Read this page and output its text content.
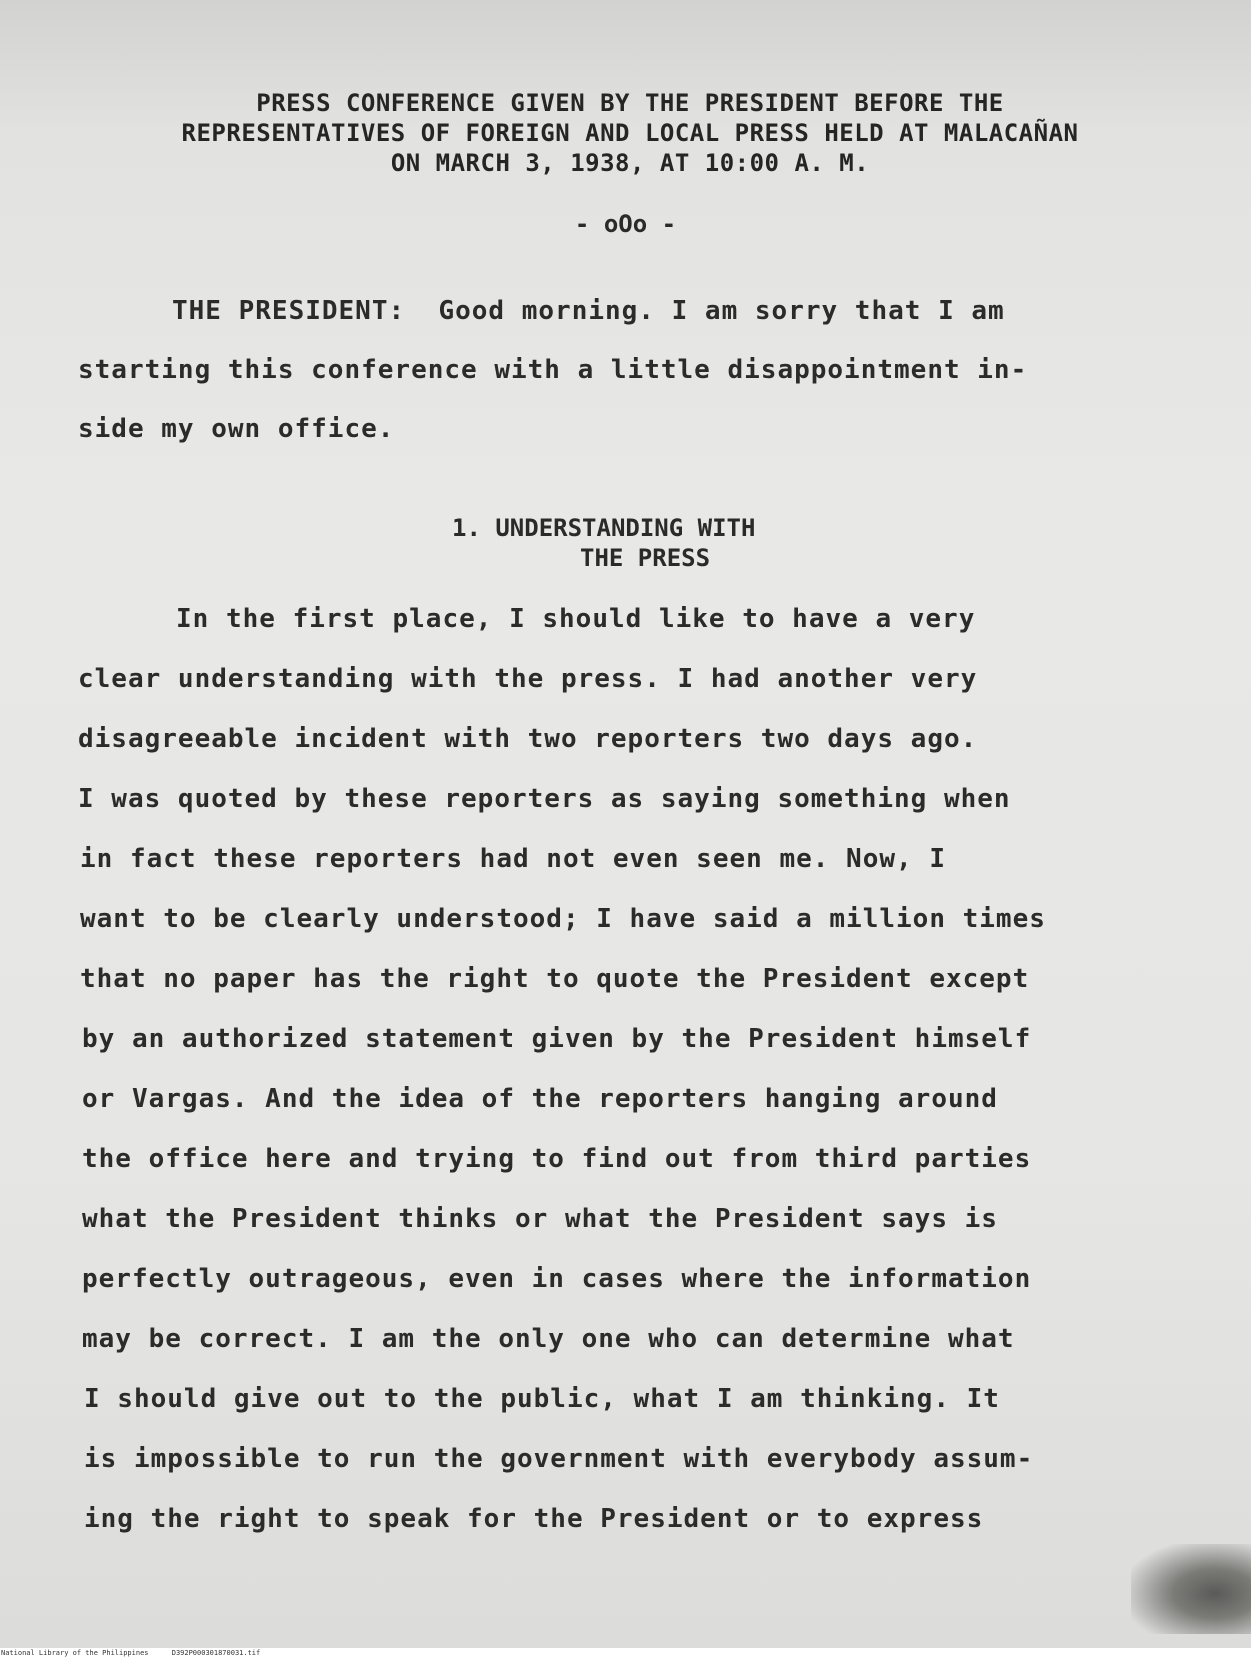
PRESS CONFERENCE GIVEN BY THE PRESIDENT BEFORE THE
REPRESENTATIVES OF FOREIGN AND LOCAL PRESS HELD AT MALACAÑAN
ON MARCH 3, 1938, AT 10:00 A. M.
- oOo -
THE PRESIDENT: Good morning. I am sorry that I am
starting this conference with a little disappointment in-
side my own office.
1. UNDERSTANDING WITH
THE PRESS
In the first place, I should like to have a very
clear understanding with the press. I had another very
disagreeable incident with two reporters two days ago.
I was quoted by these reporters as saying something when
in fact these reporters had not even seen me. Now, I
want to be clearly understood; I have said a million times
that no paper has the right to quote the President except
by an authorized statement given by the President himself
or Vargas. And the idea of the reporters hanging around
the office here and trying to find out from third parties
what the President thinks or what the President says is
perfectly outrageous, even in cases where the information
may be correct. I am the only one who can determine what
I should give out to the public, what I am thinking. It
is impossible to run the government with everybody assum-
ing the right to speak for the President or to express
National Library of the Philippines	D392P000301870031.tif
